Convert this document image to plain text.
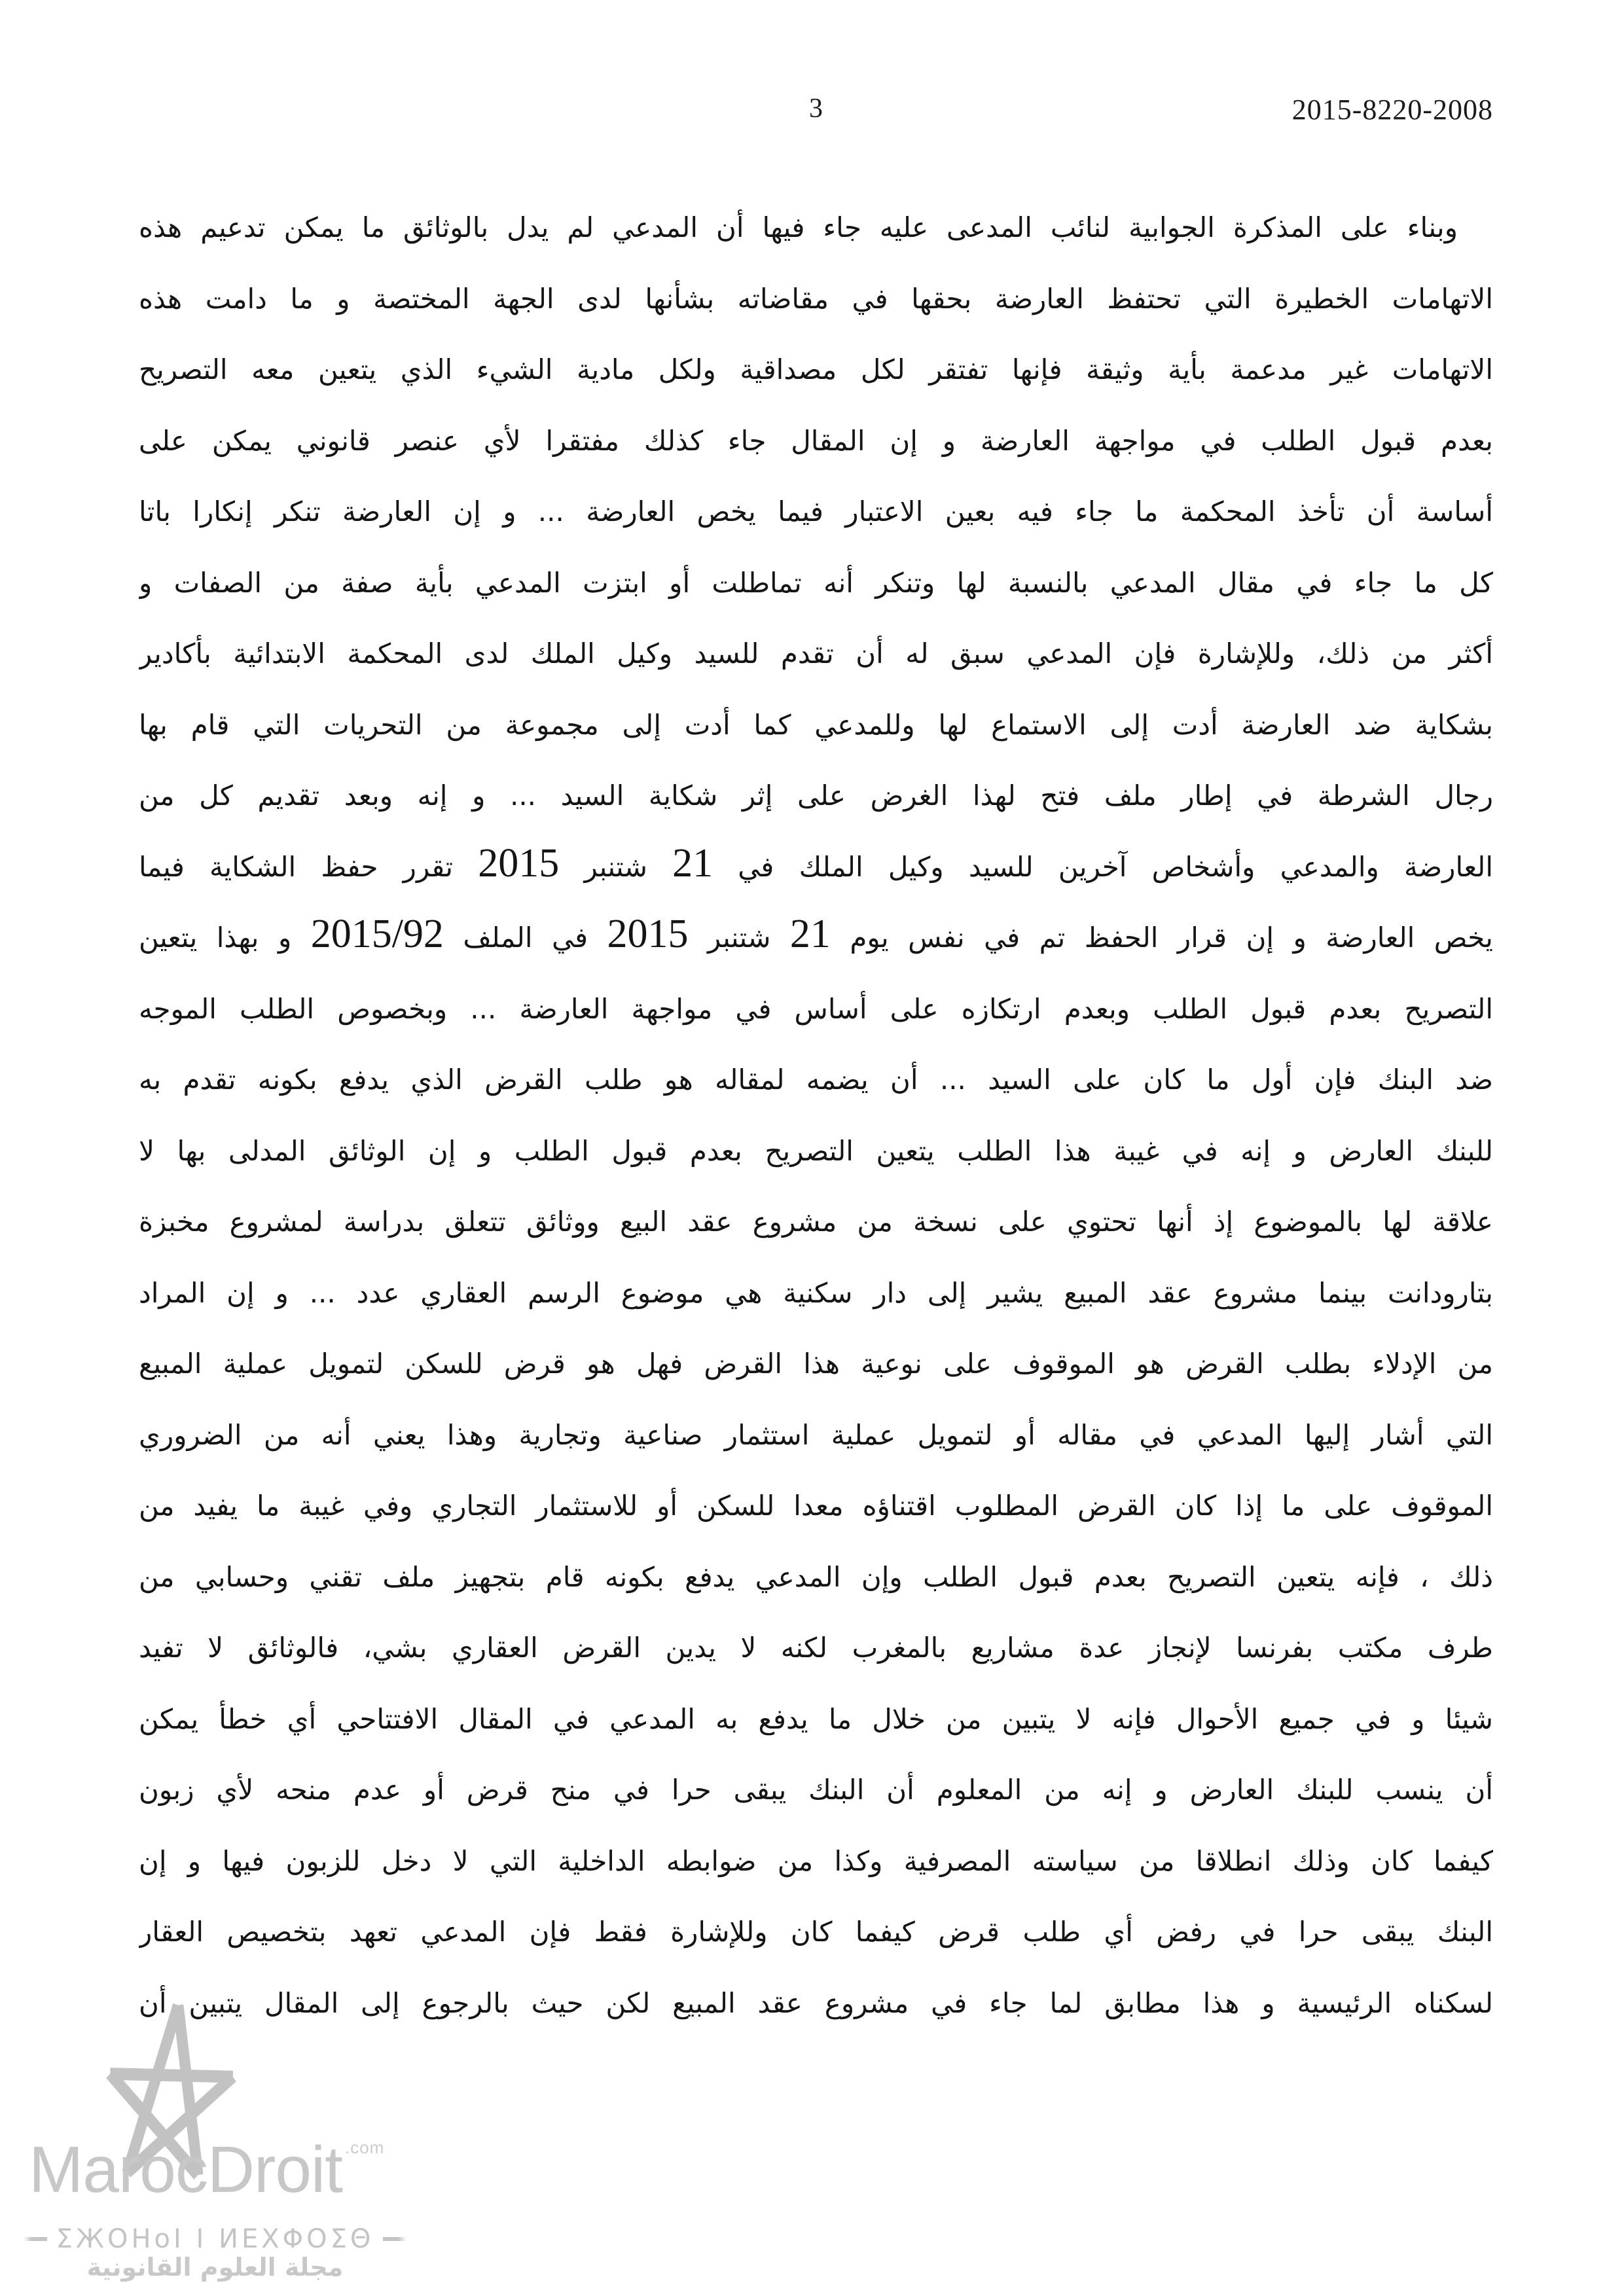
3	2015-8220-2008
وبناء على المذكرة الجوابية لنائب المدعى عليه جاء فيها أن المدعي لم يدل بالوثائق ما يمكن تدعيم هذه
الاتهامات الخطيرة التي تحتفظ العارضة بحقها في مقاضاته بشأنها لدى الجهة المختصة و ما دامت هذه
الاتهامات غير مدعمة بأية وثيقة فإنها تفتقر لكل مصداقية ولكل مادية الشيء الذي يتعين معه التصريح
بعدم قبول الطلب في مواجهة العارضة و إن المقال جاء كذلك مفتقرا لأي عنصر قانوني يمكن على
أساسة أن تأخذ المحكمة ما جاء فيه بعين الاعتبار فيما يخص العارضة ... و إن العارضة تنكر إنكارا باتا
كل ما جاء في مقال المدعي بالنسبة لها وتنكر أنه تماطلت أو ابتزت المدعي بأية صفة من الصفات و
أكثر من ذلك، وللإشارة فإن المدعي سبق له أن تقدم للسيد وكيل الملك لدى المحكمة الابتدائية بأكادير
بشكاية ضد العارضة أدت إلى الاستماع لها وللمدعي كما أدت إلى مجموعة من التحريات التي قام بها
رجال الشرطة في إطار ملف فتح لهذا الغرض على إثر شكاية السيد ... و إنه وبعد تقديم كل من
العارضة والمدعي وأشخاص آخرين للسيد وكيل الملك في 21 شتنبر 2015 تقرر حفظ الشكاية فيما
يخص العارضة و إن قرار الحفظ تم في نفس يوم 21 شتنبر 2015 في الملف 2015/92 و بهذا يتعين
التصريح بعدم قبول الطلب وبعدم ارتكازه على أساس في مواجهة العارضة ... وبخصوص الطلب الموجه
ضد البنك فإن أول ما كان على السيد ... أن يضمه لمقاله هو طلب القرض الذي يدفع بكونه تقدم به
للبنك العارض و إنه في غيبة هذا الطلب يتعين التصريح بعدم قبول الطلب و إن الوثائق المدلى بها لا
علاقة لها بالموضوع إذ أنها تحتوي على نسخة من مشروع عقد البيع ووثائق تتعلق بدراسة لمشروع مخبزة
بتارودانت بينما مشروع عقد المبيع يشير إلى دار سكنية هي موضوع الرسم العقاري عدد ... و إن المراد
من الإدلاء بطلب القرض هو الموقوف على نوعية هذا القرض فهل هو قرض للسكن لتمويل عملية المبيع
التي أشار إليها المدعي في مقاله أو لتمويل عملية استثمار صناعية وتجارية وهذا يعني أنه من الضروري
الموقوف على ما إذا كان القرض المطلوب اقتناؤه معدا للسكن أو للاستثمار التجاري وفي غيبة ما يفيد من
ذلك ، فإنه يتعين التصريح بعدم قبول الطلب وإن المدعي يدفع بكونه قام بتجهيز ملف تقني وحسابي من
طرف مكتب بفرنسا لإنجاز عدة مشاريع بالمغرب لكنه لا يدين القرض العقاري بشي، فالوثائق لا تفيد
شيئا و في جميع الأحوال فإنه لا يتبين من خلال ما يدفع به المدعي في المقال الافتتاحي أي خطأ يمكن
أن ينسب للبنك العارض و إنه من المعلوم أن البنك يبقى حرا في منح قرض أو عدم منحه لأي زبون
كيفما كان وذلك انطلاقا من سياسته المصرفية وكذا من ضوابطه الداخلية التي لا دخل للزبون فيها و إن
البنك يبقى حرا في رفض أي طلب قرض كيفما كان وللإشارة فقط فإن المدعي تعهد بتخصيص العقار
لسكناه الرئيسية و هذا مطابق لما جاء في مشروع عقد المبيع لكن حيث بالرجوع إلى المقال يتبين أن
MarocDroit .com
ΣЖΟΗοΙ Ι ИΕΧΦΟΣΘ
مجلة العلوم القانونية
